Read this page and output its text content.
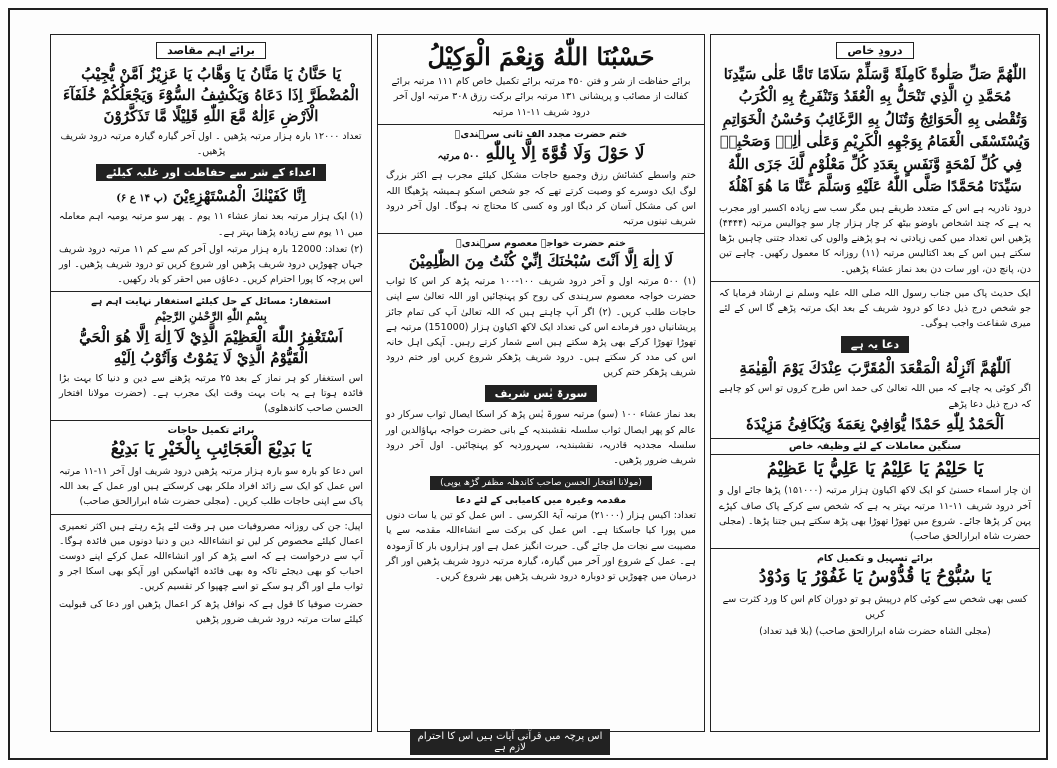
درودِ خاص
اللّٰهُمَّ صَلِّ صَلٰوةً كَامِلَةً وَّسَلِّمْ سَلَامًا تَامًّا عَلٰى سَيِّدِنَا مُحَمَّدِ نِ الَّذِي تَنْحَلُّ بِهِ الْعُقَدُ وَتَنْفَرِجُ بِهِ الْكُرَبُ وَتُقْضٰى بِهِ الْحَوَائِجُ وَتُنَالُ بِهِ الرَّغَائِبُ وَحُسْنُ الْخَوَاتِمِ وَيُسْتَسْقَى الْغَمَامُ بِوَجْهِهِ الْكَرِيْمِ وَعَلٰى اٰلِهٖ وَصَحْبِهٖ فِي كُلِّ لَمْحَةٍ وَّنَفَسٍ بِعَدَدِ كُلِّ مَعْلُوْمٍ لَّكَ جَزَى اللّٰهُ سَيِّدَنَا مُحَمَّدًا صَلَّى اللّٰهُ عَلَيْهِ وَسَلَّمَ عَنَّا مَا هُوَ اَهْلُهٗ
درود نادریہ ہے اس کے متعدد طریقے ہیں مگر سب سے زیادہ اکسیر اور مجرب یہ ہے کہ چند اشخاص باوضو بیٹھ کر چار ہزار چار سو چوالیس مرتبہ (۴۴۴۴) پڑھیں اس تعداد میں کمی زیادتی نہ ہو پڑھنے والوں کی تعداد جتنی چاہیں بڑھا سکتے ہیں اس کے بعد اکتالیس مرتبہ (۱۱) روزانہ کا معمول رکھیں۔ چاہے تین دن، پانچ دن، اور سات دن بعد نماز عشاء پڑھیں۔
ایک حدیث پاک میں جناب رسول اللہ صلی اللہ علیہ وسلم نے ارشاد فرمایا کہ جو شخص درج ذیل دعا کو درود شریف کے بعد ایک مرتبہ پڑھے گا اس کے لئے میری شفاعت واجب ہوگی۔
دعا یہ ہے
اَللّٰهُمَّ اَنْزِلْهُ الْمَقْعَدَ الْمُقَرَّبَ عِنْدَكَ يَوْمَ الْقِيٰمَةِ
اگر کوئی یہ چاہے کہ میں اللہ تعالیٰ کی حمد اس طرح کروں تو اس کو چاہیے کہ درج ذیل دعا پڑھے
اَلْحَمْدُ لِلّٰهِ حَمْدًا يُّوَافِيْ نِعَمَهٗ وَيُكَافِئُ مَزِيْدَهٗ
سنگین معاملات کے لئے وظیفہ خاص
يَا حَلِيْمُ يَا عَلِيْمُ يَا عَلِيُّ يَا عَظِيْمُ
ان چار اسماء حسنیٰ کو ایک لاکھ اکیاون ہزار مرتبہ (۱۵۱۰۰۰) پڑھا جائے اول و آخر درود شریف ۱۱-۱۱ مرتبہ بہتر یہ ہے کہ شخص سے کرکے پاک صاف کپڑے پہن کر پڑھا جائے۔ شروع میں تھوڑا تھوڑا بھی پڑھ سکتے ہیں جتنا پڑھا۔ (مجلی حضرت شاہ ابرارالحق صاحب)
برائے تسہیل و تکمیل کام
يَا سُبُّوْحُ يَا قُدُّوْسُ يَا غَفُوْرُ يَا وَدُوْدُ
کسی بھی شخص سے کوئی کام درپیش ہو تو دوران کام اس کا ورد کثرت سے کریں
(مجلی الشاہ حضرت شاہ ابرارالحق صاحب) (بلا قید تعداد)
حَسْبُنَا اللّٰهُ وَنِعْمَ الْوَكِيْلُ
برائے حفاظت از شر و فتن ۴۵۰ مرتبہ برائے تکمیل خاص کام ۱۱۱ مرتبہ برائے کفالت از مصائب و پریشانی ۱۳۱ مرتبہ برائے برکت رزق ۳۰۸ مرتبہ اول آخر درود شریف ۱۱-۱۱ مرتبہ
ختم حضرت مجدد الف ثانی سرہندیؒ
لَا حَوْلَ وَلَا قُوَّةَ اِلَّا بِاللّٰهِ ۵۰۰ مرتبہ
ختم واسطے کشائش رزق وجمیع حاجات مشکل کیلئے مجرب ہے اکثر بزرگ لوگ ایک دوسرے کو وصیت کرتے تھے کہ جو شخص اسکو ہمیشہ پڑھیگا اللہ اس کی مشکل آسان کر دیگا اور وہ کسی کا محتاج نہ ہوگا۔ اول آخر درود شریف تینوں مرتبہ
ختم حضرت خواجہ معصوم سرہندیؒ
لَا اِلٰهَ اِلَّا اَنْتَ سُبْحٰنَكَ اِنِّيْ كُنْتُ مِنَ الظّٰلِمِيْنَ
(۱) ۵۰۰ مرتبہ اول و آخر درود شریف ۱۰۰-۱۰۰ مرتبہ پڑھ کر اس کا ثواب حضرت خواجہ معصوم سرہندی کی روح کو پہنچائیں اور اللہ تعالیٰ سے اپنی حاجات طلب کریں۔ (۲) اگر آپ چاہتے ہیں کہ اللہ تعالیٰ آپ کی تمام جائز پریشانیاں دور فرمادے اس کی تعداد ایک لاکھ اکیاون ہزار (151000) مرتبہ ہے تھوڑا تھوڑا کرکے بھی پڑھ سکتے ہیں اسے شمار کرتے رہیں۔ آپکی اہل خانہ اس کی مدد کر سکتے ہیں۔ درود شریف پڑھکر شروع کریں اور ختم درود شریف پڑھکر ختم کریں
سورۃ یٰس شریف
بعد نماز عشاء ۱۰۰ (سو) مرتبہ سورۃ یٰس پڑھ کر اسکا ایصال ثواب سرکار دو عالم کو پھر ایصال ثواب سلسلہ نقشبندیہ کے بانی حضرت خواجہ بہاؤالدین اور سلسلہ مجددیہ قادریہ، نقشبندیہ، سہروردیہ کو پہنچائیں۔ اول آخر درود شریف ضرور پڑھیں۔
(مولانا افتخار الحسن صاحب کاندھلہ مظفر گڑھ یوپی)
مقدمہ وغیرہ میں کامیابی کے لئے دعا
تعداد: اکیس ہزار (۲۱۰۰۰) مرتبہ آیۃ الکرسی ۔ اس عمل کو تین یا سات دنوں میں پورا کیا جاسکتا ہے۔ اس عمل کی برکت سے انشاءاللہ مقدمہ سے یا مصیبت سے نجات مل جائے گی۔ حیرت انگیز عمل ہے اور ہزاروں بار کا آزمودہ ہے۔ عمل کے شروع اور آخر میں گیارہ، گیارہ مرتبہ درود شریف پڑھیں اور اگر درمیان میں چھوڑیں تو دوبارہ درود شریف پڑھیں پھر شروع کریں۔
برائے اہم مقاصد
يَا حَنَّانُ يَا مَنَّانُ يَا وَهَّابُ يَا عَزِيْزُ اَمَّنْ يُّجِيْبُ الْمُضْطَرَّ اِذَا دَعَاهُ وَيَكْشِفُ السُّوْٓءَ وَيَجْعَلُكُمْ خُلَفَآءَ الْاَرْضِ ءَاِلٰهٌ مَّعَ اللّٰهِ قَلِيْلًا مَّا تَذَكَّرُوْنَ
تعداد ۱۲۰۰۰ بارہ ہزار مرتبہ پڑھیں ۔ اول آخر گیارہ گیارہ مرتبہ درود شریف پڑھیں۔
اعداء کے شر سے حفاظت اور غلبہ کیلئے
اِنَّا كَفَيْنٰكَ الْمُسْتَهْزِءِيْنَ (پ ۱۴ ع ۶)
(۱) ایک ہزار مرتبہ بعد نماز عشاء ۱۱ یوم ۔ پھر سو مرتبہ یومیہ اہم معاملہ میں ۱۱ یوم سے زیادہ پڑھنا بہتر ہے۔
(۲) تعداد: 12000 بارہ ہزار مرتبہ اول آخر کم سے کم ۱۱ مرتبہ درود شریف جہاں چھوڑیں درود شریف پڑھیں اور شروع کریں تو درود شریف پڑھیں۔ اور اس پرچہ کا پورا احترام کریں۔ دعاؤں میں احقر کو یاد رکھیں۔
استغفار: مسائل کے حل کیلئے استغفار نہایت اہم ہے
بِسْمِ اللّٰهِ الرَّحْمٰنِ الرَّحِيْمِ
اَسْتَغْفِرُ اللّٰهَ الْعَظِيْمَ الَّذِيْ لَآ اِلٰهَ اِلَّا هُوَ الْحَيُّ الْقَيُّوْمُ الَّذِيْ لَا يَمُوْتُ وَاَتُوْبُ اِلَيْهِ
اس استغفار کو ہر نماز کے بعد ۲۵ مرتبہ پڑھنے سے دین و دنیا کا بہت بڑا فائدہ ہوتا ہے یہ بات بہت وقت ایک مجرب ہے۔ (حضرت مولانا افتخار الحسن صاحب کاندھلوی)
برائے تکمیل حاجات
يَا بَدِيْعَ الْعَجَائِبِ بِالْخَيْرِ يَا بَدِيْعُ
اس دعا کو بارہ سو بارہ ہزار مرتبہ پڑھیں درود شریف اول آخر ۱۱-۱۱ مرتبہ اس عمل کو ایک سے زائد افراد ملکر بھی کرسکتے ہیں اور عمل کے بعد اللہ پاک سے اپنی حاجات طلب کریں۔ (مجلی حضرت شاہ ابرارالحق صاحب)
اپیل: جن کی روزانہ مصروفیات میں ہر وقت لئے پڑے رہتے ہیں اکثر تعمیری اعمال کیلئے مخصوص کر لیں تو انشاءاللہ دین و دنیا دونوں میں فائدہ ہوگا۔ آپ سے درخواست ہے کہ اسے پڑھ کر اور انشاءاللہ عمل کرکے اپنے دوست احباب کو بھی دیجئے تاکہ وہ بھی فائدہ اٹھاسکیں اور آپکو بھی اسکا اجر و ثواب ملے اور اگر ہو سکے تو اسے چھپوا کر تقسیم کریں۔
حضرت صوفیا کا قول ہے کہ نوافل پڑھ کر اعمال پڑھیں اور دعا کی قبولیت کیلئے سات مرتبہ درود شریف ضرور پڑھیں
اس پرچہ میں قرآنی آیات ہیں اس کا احترام لازم ہے
